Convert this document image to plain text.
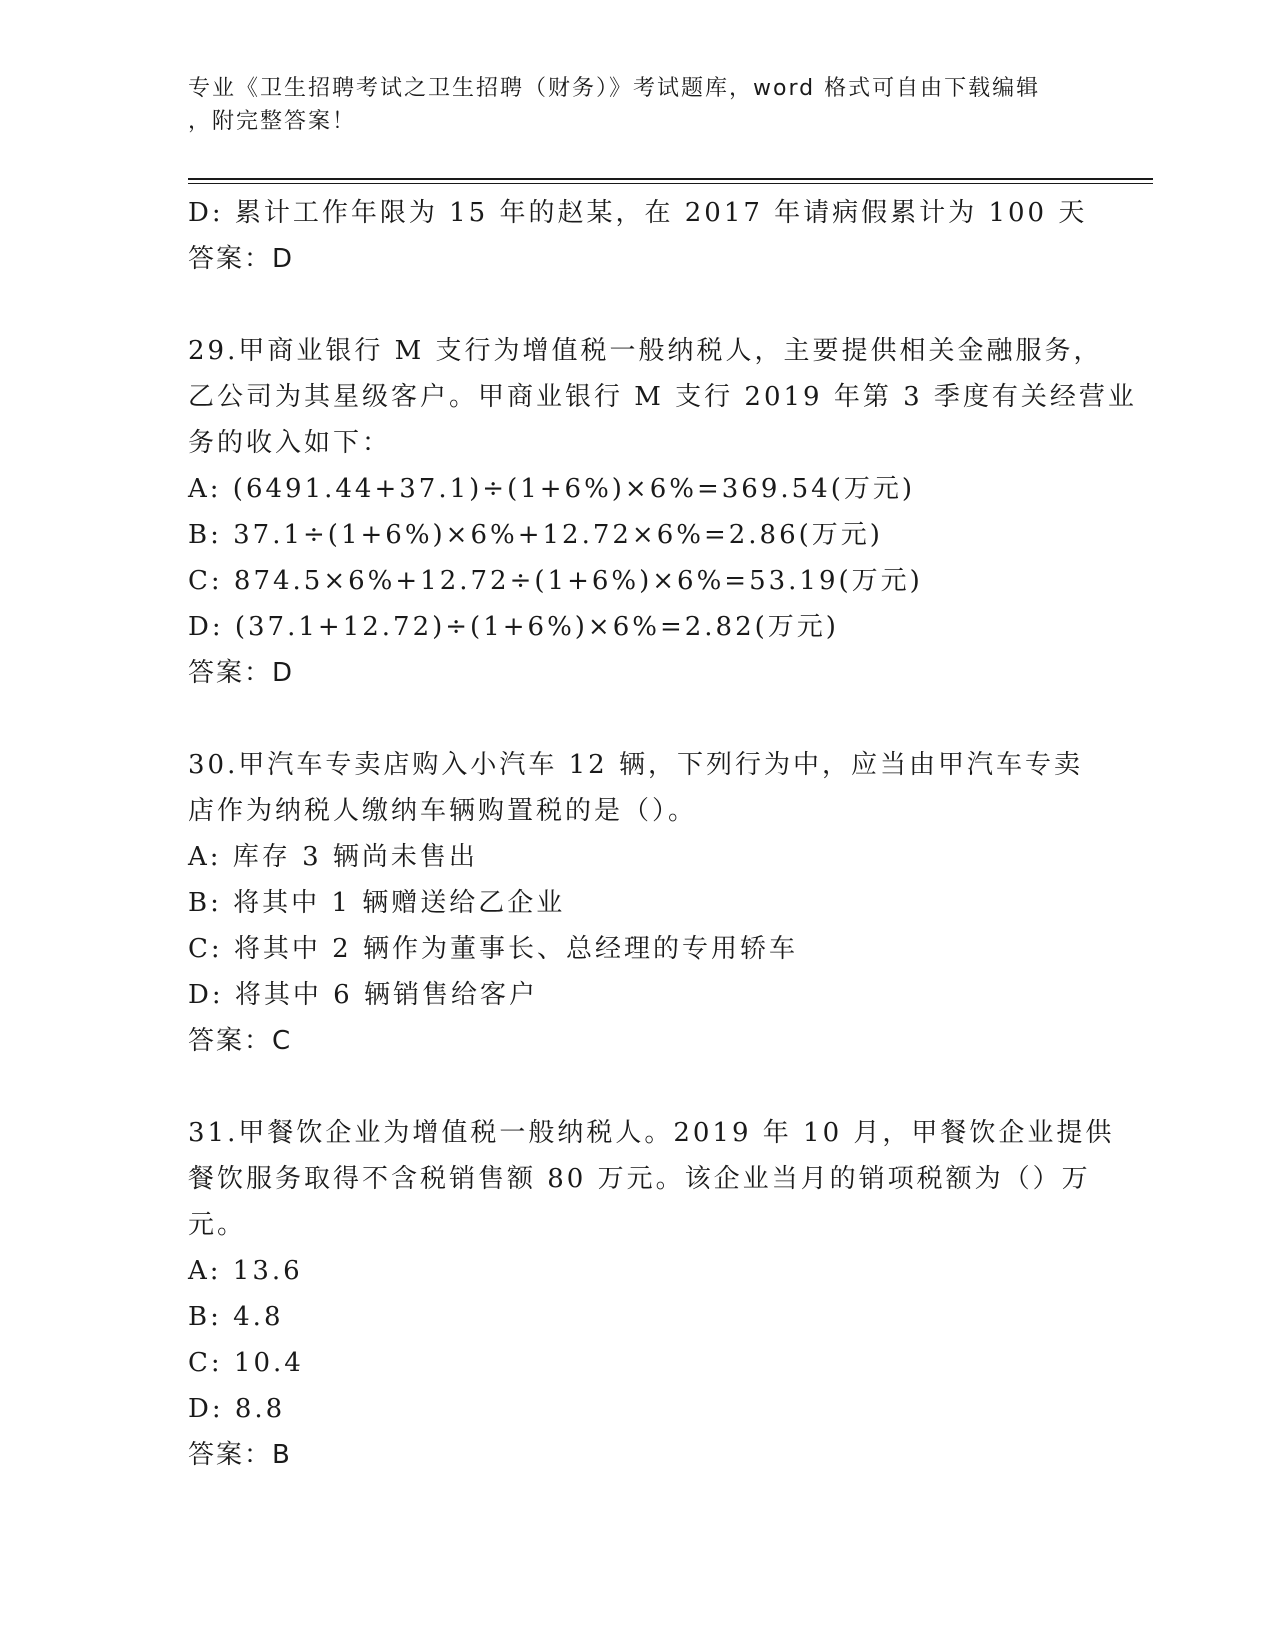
专业《卫生招聘考试之卫生招聘（财务）》考试题库，word 格式可自由下载编辑
，附完整答案！
D: 累计工作年限为 15 年的赵某，在 2017 年请病假累计为 100 天
答案：D
29.甲商业银行 M 支行为增值税一般纳税人，主要提供相关金融服务，
乙公司为其星级客户。甲商业银行 M 支行 2019 年第 3 季度有关经营业
务的收入如下：
A: (6491.44+37.1)÷(1+6%)×6%=369.54(万元)
B: 37.1÷(1+6%)×6%+12.72×6%=2.86(万元)
C: 874.5×6%+12.72÷(1+6%)×6%=53.19(万元)
D: (37.1+12.72)÷(1+6%)×6%=2.82(万元)
答案：D
30.甲汽车专卖店购入小汽车 12 辆，下列行为中，应当由甲汽车专卖
店作为纳税人缴纳车辆购置税的是（）。
A: 库存 3 辆尚未售出
B: 将其中 1 辆赠送给乙企业
C: 将其中 2 辆作为董事长、总经理的专用轿车
D: 将其中 6 辆销售给客户
答案：C
31.甲餐饮企业为增值税一般纳税人。2019 年 10 月，甲餐饮企业提供
餐饮服务取得不含税销售额 80 万元。该企业当月的销项税额为（）万
元。
A: 13.6
B: 4.8
C: 10.4
D: 8.8
答案：B
